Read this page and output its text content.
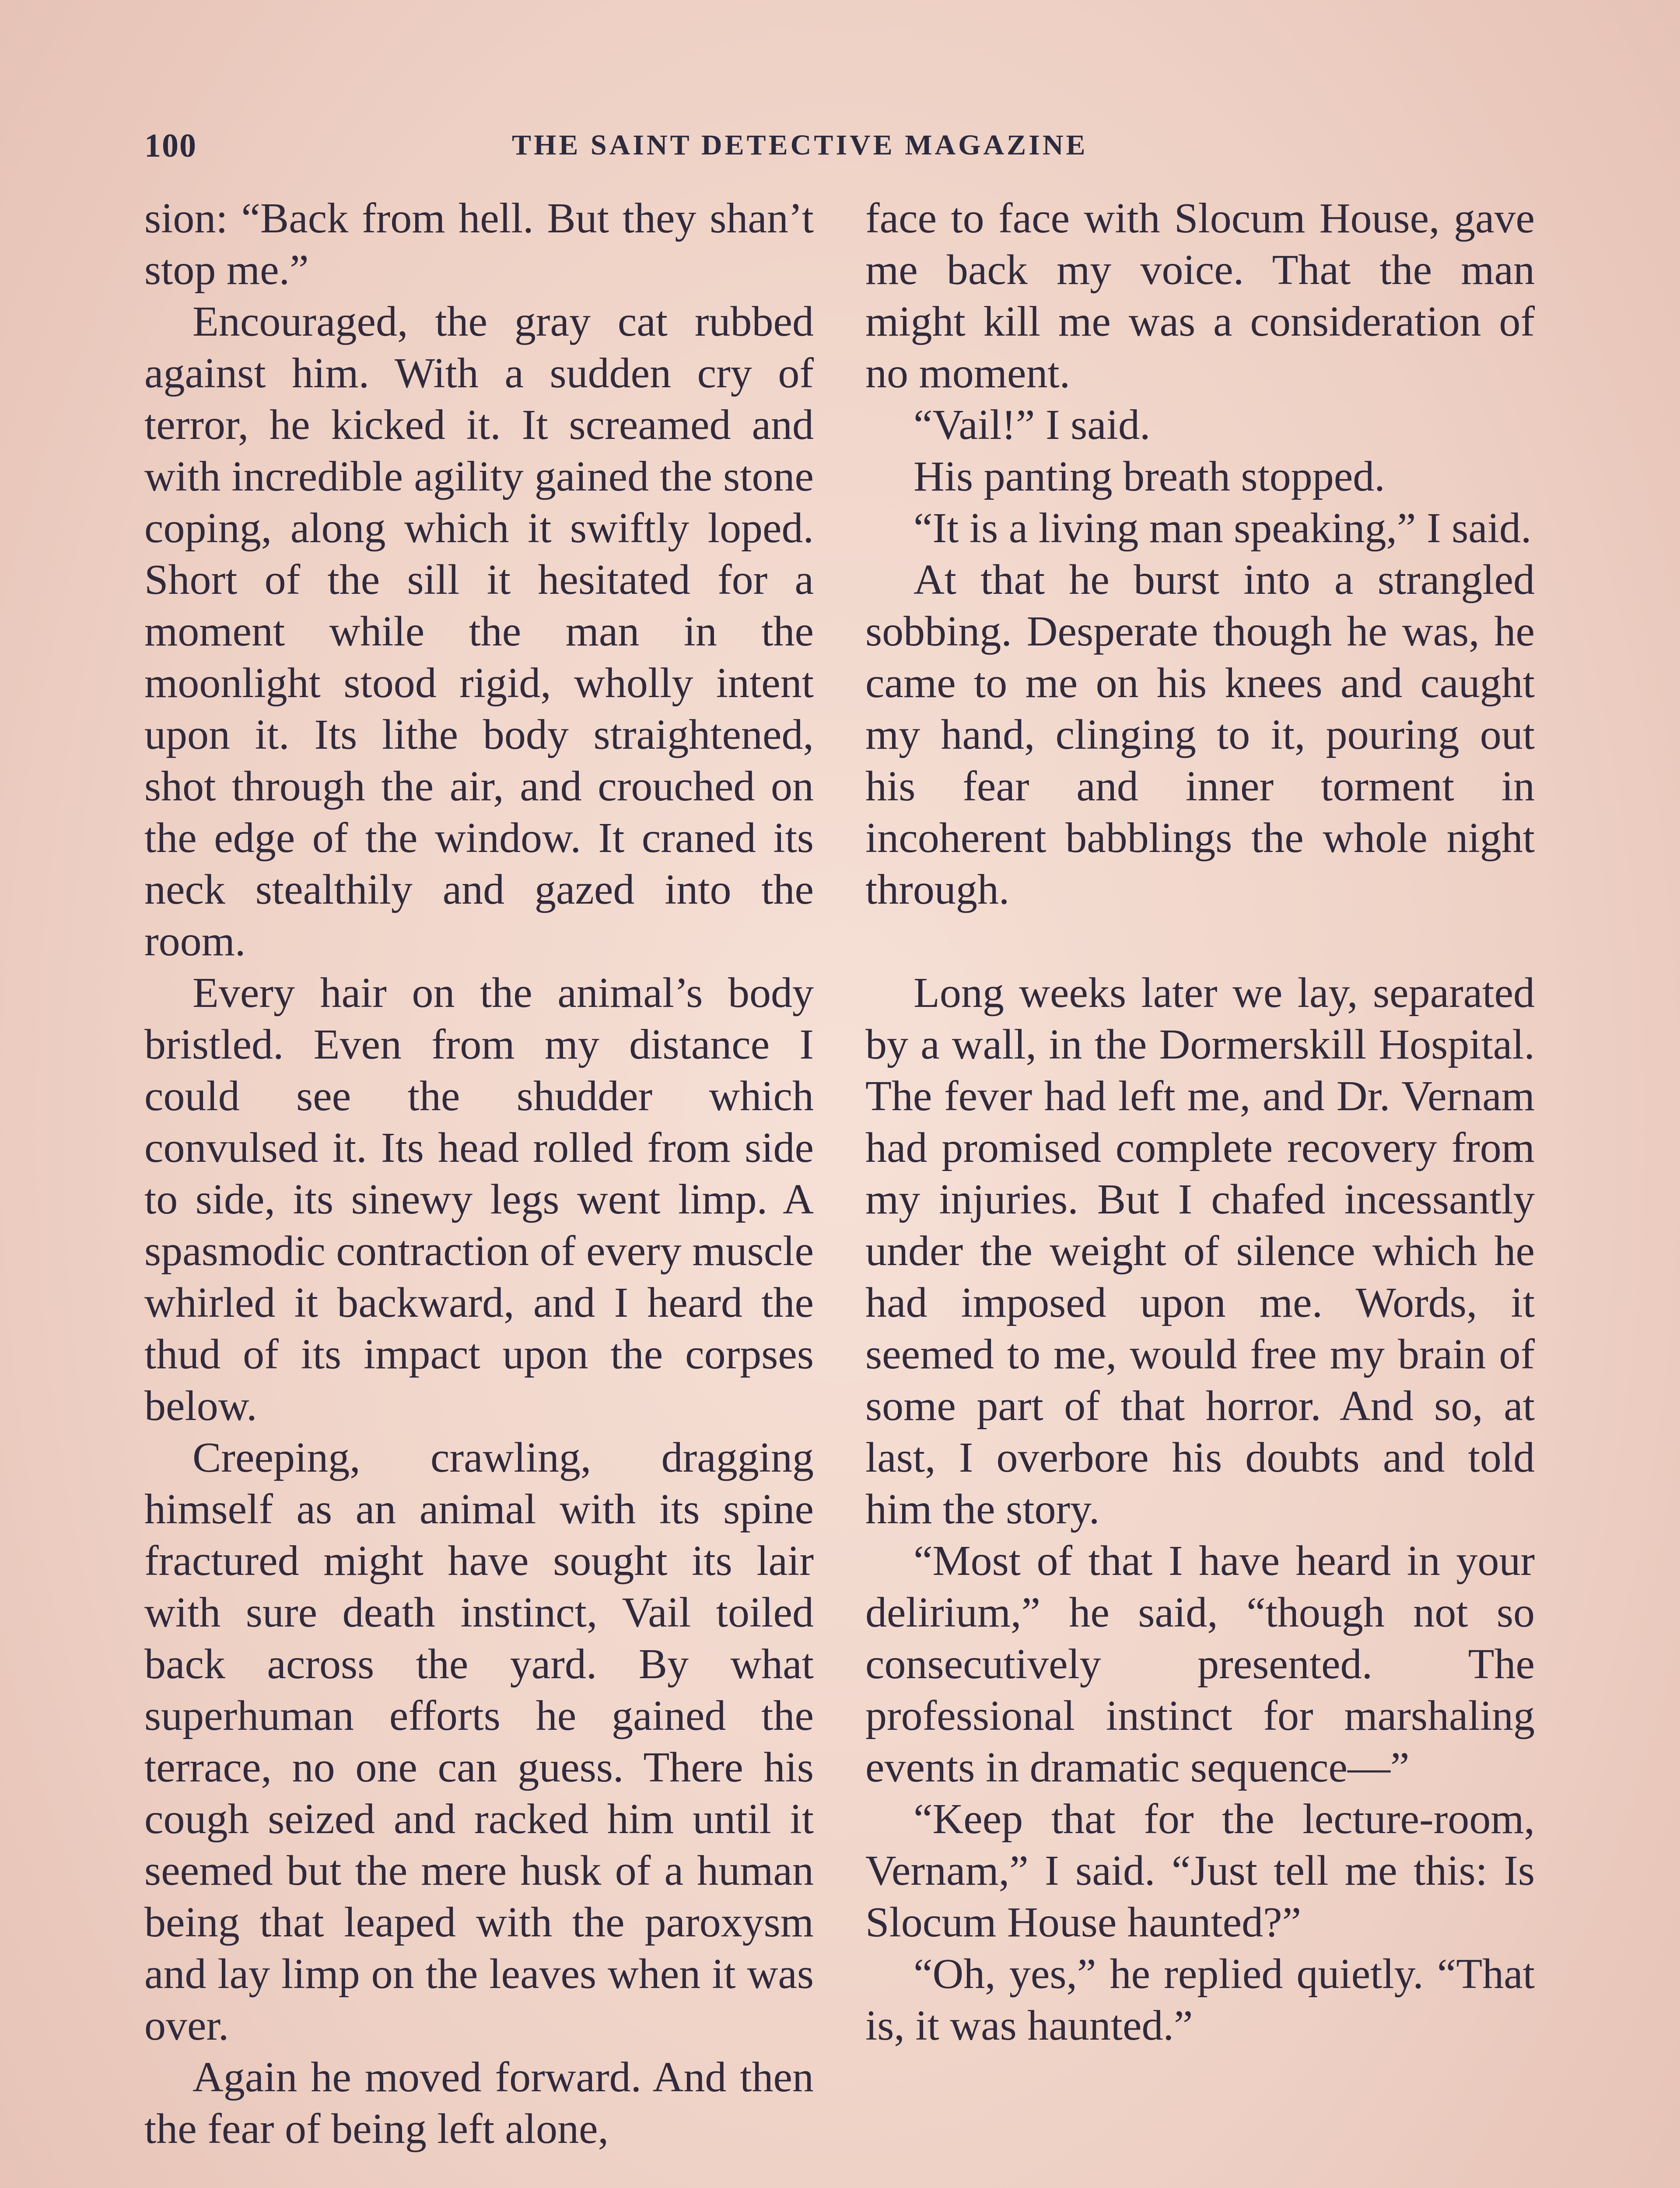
100	THE SAINT DETECTIVE MAGAZINE

sion: “Back from hell. But they shan’t stop me.”

Encouraged, the gray cat rubbed against him. With a sudden cry of terror, he kicked it. It screamed and with incredible agility gained the stone coping, along which it swiftly loped. Short of the sill it hesitated for a moment while the man in the moonlight stood rigid, wholly intent upon it. Its lithe body straightened, shot through the air, and crouched on the edge of the window. It craned its neck stealthily and gazed into the room.

Every hair on the animal’s body bristled. Even from my distance I could see the shudder which convulsed it. Its head rolled from side to side, its sinewy legs went limp. A spasmodic contraction of every muscle whirled it backward, and I heard the thud of its impact upon the corpses below.

Creeping, crawling, dragging himself as an animal with its spine fractured might have sought its lair with sure death instinct, Vail toiled back across the yard. By what superhuman efforts he gained the terrace, no one can guess. There his cough seized and racked him until it seemed but the mere husk of a human being that leaped with the paroxysm and lay limp on the leaves when it was over.

Again he moved forward. And then the fear of being left alone,

face to face with Slocum House, gave me back my voice. That the man might kill me was a consideration of no moment.

“Vail!” I said.

His panting breath stopped.

“It is a living man speaking,” I said.

At that he burst into a strangled sobbing. Desperate though he was, he came to me on his knees and caught my hand, clinging to it, pouring out his fear and inner torment in incoherent babblings the whole night through.

Long weeks later we lay, separated by a wall, in the Dormerskill Hospital. The fever had left me, and Dr. Vernam had promised complete recovery from my injuries. But I chafed incessantly under the weight of silence which he had imposed upon me. Words, it seemed to me, would free my brain of some part of that horror. And so, at last, I overbore his doubts and told him the story.

“Most of that I have heard in your delirium,” he said, “though not so consecutively presented. The professional instinct for marshaling events in dramatic sequence—”

“Keep that for the lecture-room, Vernam,” I said. “Just tell me this: Is Slocum House haunted?”

“Oh, yes,” he replied quietly. “That is, it was haunted.”
